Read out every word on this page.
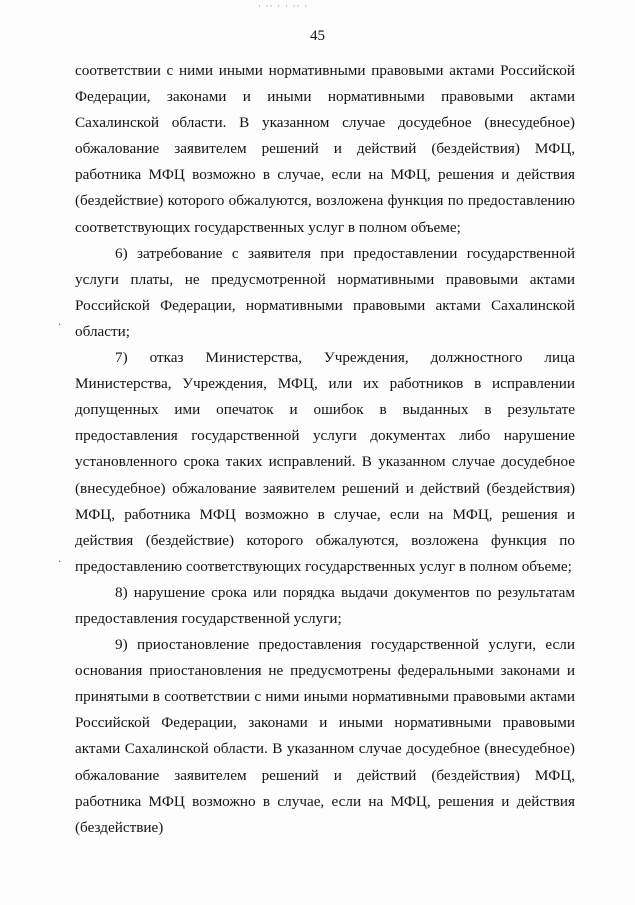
· ·· · · ·· ·
45

соответствии с ними иными нормативными правовыми актами Российской Федерации, законами и иными нормативными правовыми актами Сахалинской области. В указанном случае досудебное (внесудебное) обжалование заявителем решений и действий (бездействия) МФЦ, работника МФЦ возможно в случае, если на МФЦ, решения и действия (бездействие) которого обжалуются, возложена функция по предоставлению соответствующих государственных услуг в полном объеме;

6) затребование с заявителя при предоставлении государственной услуги платы, не предусмотренной нормативными правовыми актами Российской Федерации, нормативными правовыми актами Сахалинской области;

7) отказ Министерства, Учреждения, должностного лица Министерства, Учреждения, МФЦ, или их работников в исправлении допущенных ими опечаток и ошибок в выданных в результате предоставления государственной услуги документах либо нарушение установленного срока таких исправлений. В указанном случае досудебное (внесудебное) обжалование заявителем решений и действий (бездействия) МФЦ, работника МФЦ возможно в случае, если на МФЦ, решения и действия (бездействие) которого обжалуются, возложена функция по предоставлению соответствующих государственных услуг в полном объеме;

8) нарушение срока или порядка выдачи документов по результатам предоставления государственной услуги;

9) приостановление предоставления государственной услуги, если основания приостановления не предусмотрены федеральными законами и принятыми в соответствии с ними иными нормативными правовыми актами Российской Федерации, законами и иными нормативными правовыми актами Сахалинской области. В указанном случае досудебное (внесудебное) обжалование заявителем решений и действий (бездействия) МФЦ, работника МФЦ возможно в случае, если на МФЦ, решения и действия (бездействие)

·
·
